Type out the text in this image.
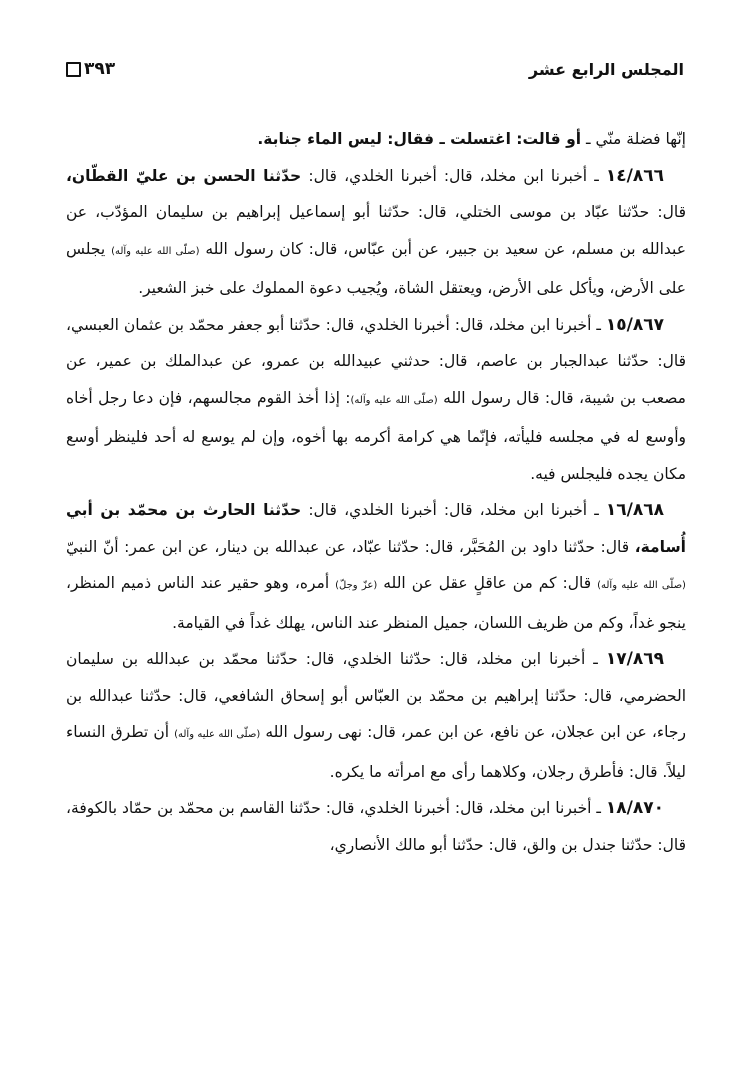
المجلس الرابع عشر
٣٩٣

إنّها فضلة منّي ـ أو قالت: اغتسلت ـ فقال: ليس الماء جنابة.

١٤/٨٦٦ ـ أخبرنا ابن مخلد، قال: أخبرنا الخلدي، قال: حدّثنا الحسن بن عليّ القطّان، قال: حدّثنا عبّاد بن موسى الختلي، قال: حدّثنا أبو إسماعيل إبراهيم بن سليمان المؤدّب، عن عبدالله بن مسلم، عن سعيد بن جبير، عن أبن عبّاس، قال: كان رسول الله (صلّى الله عليه وآله) يجلس على الأرض، ويأكل على الأرض، ويعتقل الشاة، ويُجيب دعوة المملوك على خبز الشعير.

١٥/٨٦٧ ـ أخبرنا ابن مخلد، قال: أخبرنا الخلدي، قال: حدّثنا أبو جعفر محمّد بن عثمان العبسي، قال: حدّثنا عبدالجبار بن عاصم، قال: حدثني عبيدالله بن عمرو، عن عبدالملك بن عمير، عن مصعب بن شيبة، قال: قال رسول الله (صلّى الله عليه وآله): إذا أخذ القوم مجالسهم، فإن دعا رجل أخاه وأوسع له في مجلسه فليأته، فإنّما هي كرامة أكرمه بها أخوه، وإن لم يوسع له أحد فلينظر أوسع مكان يجده فليجلس فيه.

١٦/٨٦٨ ـ أخبرنا ابن مخلد، قال: أخبرنا الخلدي، قال: حدّثنا الحارث بن محمّد بن أبي أُسامة، قال: حدّثنا داود بن المُحَبَّر، قال: حدّثنا عبّاد، عن عبدالله بن دينار، عن ابن عمر: أنّ النبيّ (صلّى الله عليه وآله) قال: كم من عاقلٍ عقل عن الله (عزّ وجلّ) أمره، وهو حقير عند الناس ذميم المنظر، ينجو غداً، وكم من ظريف اللسان، جميل المنظر عند الناس، يهلك غداً في القيامة.

١٧/٨٦٩ ـ أخبرنا ابن مخلد، قال: حدّثنا الخلدي، قال: حدّثنا محمّد بن عبدالله بن سليمان الحضرمي، قال: حدّثنا إبراهيم بن محمّد بن العبّاس أبو إسحاق الشافعي، قال: حدّثنا عبدالله بن رجاء، عن ابن عجلان، عن نافع، عن ابن عمر، قال: نهى رسول الله (صلّى الله عليه وآله) أن تطرق النساء ليلاً. قال: فأطرق رجلان، وكلاهما رأى مع امرأته ما يكره.

١٨/٨٧٠ ـ أخبرنا ابن مخلد، قال: أخبرنا الخلدي، قال: حدّثنا القاسم بن محمّد بن حمّاد بالكوفة، قال: حدّثنا جندل بن والق، قال: حدّثنا أبو مالك الأنصاري،
